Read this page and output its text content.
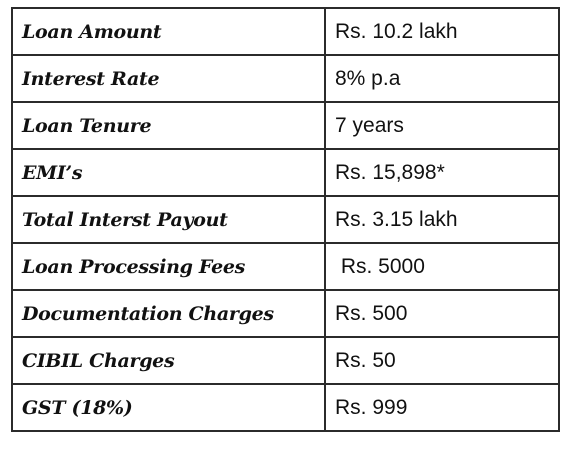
Loan Amount	Rs. 10.2 lakh
Interest Rate	8% p.a
Loan Tenure	7 years
EMI’s	Rs. 15,898*
Total Interst Payout	Rs. 3.15 lakh
Loan Processing Fees	Rs. 5000
Documentation Charges	Rs. 500
CIBIL Charges	Rs. 50
GST (18%)	Rs. 999
